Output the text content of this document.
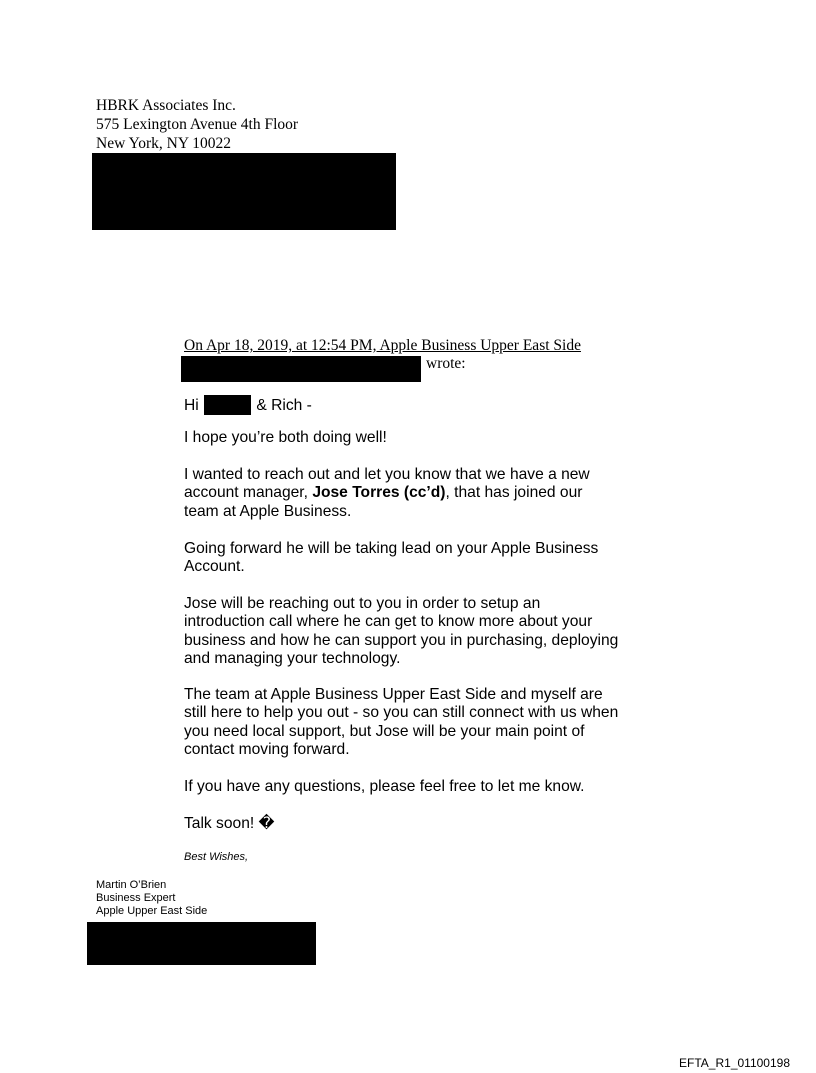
HBRK Associates Inc.
575 Lexington Avenue 4th Floor
New York, NY 10022
On Apr 18, 2019, at 12:54 PM, Apple Business Upper East Side
wrote:
Hi	& Rich -

I hope you’re both doing well!

I wanted to reach out and let you know that we have a new account manager, Jose Torres (cc’d), that has joined our team at Apple Business.

Going forward he will be taking lead on your Apple Business Account.

Jose will be reaching out to you in order to setup an introduction call where he can get to know more about your business and how he can support you in purchasing, deploying and managing your technology.

The team at Apple Business Upper East Side and myself are still here to help you out - so you can still connect with us when you need local support, but Jose will be your main point of contact moving forward.

If you have any questions, please feel free to let me know.

Talk soon! �

Best Wishes,
Martin O’Brien
Business Expert
Apple Upper East Side
EFTA_R1_01100198
